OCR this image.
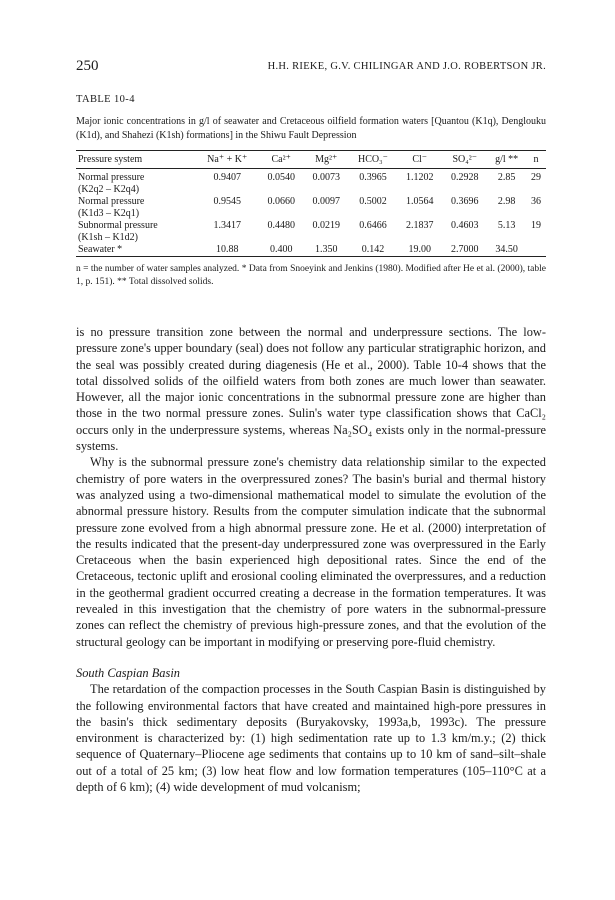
250	H.H. RIEKE, G.V. CHILINGAR AND J.O. ROBERTSON JR.
TABLE 10-4
Major ionic concentrations in g/l of seawater and Cretaceous oilfield formation waters [Quantou (K1q), Denglouku (K1d), and Shahezi (K1sh) formations] in the Shiwu Fault Depression
Pressure system	Na⁺ + K⁺	Ca²⁺	Mg²⁺	HCO₃⁻	Cl⁻	SO₄²⁻	g/l **	n

Normal pressure
(K2q2 – K2q4)	0.9407	0.0540	0.0073	0.3965	1.1202	0.2928	2.85	29

Normal pressure
(K1d3 – K2q1)	0.9545	0.0660	0.0097	0.5002	1.0564	0.3696	2.98	36

Subnormal pressure
(K1sh – K1d2)	1.3417	0.4480	0.0219	0.6466	2.1837	0.4603	5.13	19

Seawater *	10.88	0.400	1.350	0.142	19.00	2.7000	34.50	
n = the number of water samples analyzed. * Data from Snoeyink and Jenkins (1980). Modified after He et al. (2000), table 1, p. 151). ** Total dissolved solids.

is no pressure transition zone between the normal and underpressure sections. The low-pressure zone's upper boundary (seal) does not follow any particular stratigraphic horizon, and the seal was possibly created during diagenesis (He et al., 2000). Table 10-4 shows that the total dissolved solids of the oilfield waters from both zones are much lower than seawater. However, all the major ionic concentrations in the subnormal pressure zone are higher than those in the two normal pressure zones. Sulin's water type classification shows that CaCl₂ occurs only in the underpressure systems, whereas Na₂SO₄ exists only in the normal-pressure systems.

Why is the subnormal pressure zone's chemistry data relationship similar to the expected chemistry of pore waters in the overpressured zones? The basin's burial and thermal history was analyzed using a two-dimensional mathematical model to simulate the evolution of the abnormal pressure history. Results from the computer simulation indicate that the subnormal pressure zone evolved from a high abnormal pressure zone. He et al. (2000) interpretation of the results indicated that the present-day underpressured zone was overpressured in the Early Cretaceous when the basin experienced high depositional rates. Since the end of the Cretaceous, tectonic uplift and erosional cooling eliminated the overpressures, and a reduction in the geothermal gradient occurred creating a decrease in the formation temperatures. It was revealed in this investigation that the chemistry of pore waters in the subnormal-pressure zones can reflect the chemistry of previous high-pressure zones, and that the evolution of the structural geology can be important in modifying or preserving pore-fluid chemistry.

South Caspian Basin

The retardation of the compaction processes in the South Caspian Basin is distinguished by the following environmental factors that have created and maintained high-pore pressures in the basin's thick sedimentary deposits (Buryakovsky, 1993a,b, 1993c). The pressure environment is characterized by: (1) high sedimentation rate up to 1.3 km/m.y.; (2) thick sequence of Quaternary–Pliocene age sediments that contains up to 10 km of sand–silt–shale out of a total of 25 km; (3) low heat flow and low formation temperatures (105–110°C at a depth of 6 km); (4) wide development of mud volcanism;
